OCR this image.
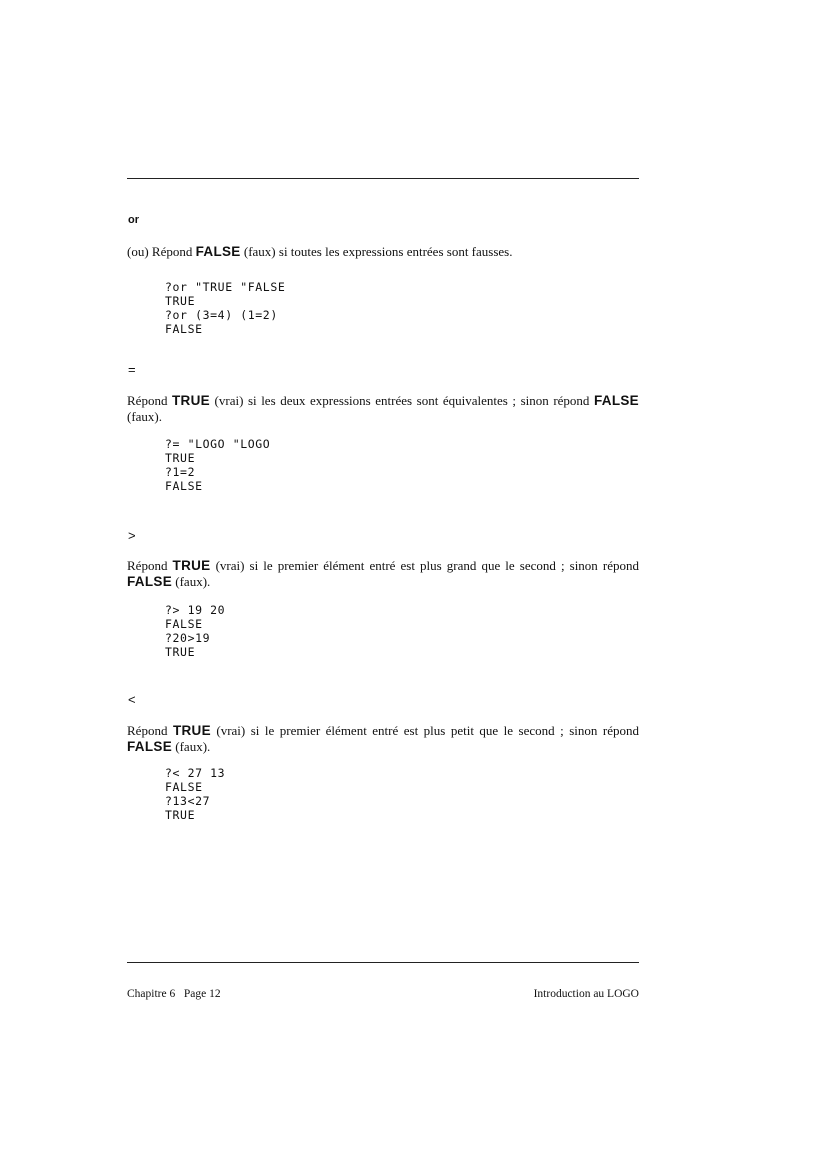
or
(ou) Répond FALSE (faux) si toutes les expressions entrées sont fausses.
?or "TRUE "FALSE
TRUE
?or (3=4) (1=2)
FALSE
=
Répond TRUE (vrai) si les deux expressions entrées sont équivalentes ; sinon répond FALSE (faux).
?= "LOGO "LOGO
TRUE
?1=2
FALSE
>
Répond TRUE (vrai) si le premier élément entré est plus grand que le second ; sinon répond FALSE (faux).
?> 19 20
FALSE
?20>19
TRUE
<
Répond TRUE (vrai) si le premier élément entré est plus petit que le second ; sinon répond FALSE (faux).
?< 27 13
FALSE
?13<27
TRUE
Chapitre 6   Page 12	Introduction au LOGO
